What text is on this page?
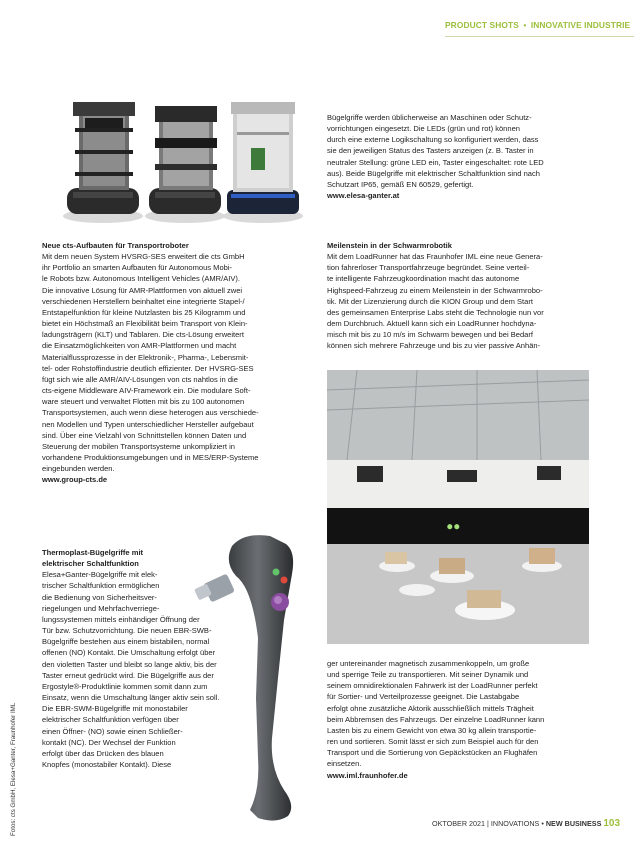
PRODUCT SHOTS • INNOVATIVE INDUSTRIE

Neue cts-Aufbauten für Transportroboter

Mit dem neuen System HVSRG-SES erweitert die cts GmbH

ihr Portfolio an smarten Aufbauten für Autonomous Mobi-

le Robots bzw. Autonomous Intelligent Vehicles (AMR/AIV).

Die innovative Lösung für AMR-Plattformen von aktuell zwei

verschiedenen Herstellern beinhaltet eine integrierte Stapel-/

Entstapelfunktion für kleine Nutzlasten bis 25 Kilogramm und

bietet ein Höchstmaß an Flexibilität beim Transport von Klein-

ladungsträgern (KLT) und Tablaren. Die cts-Lösung erweitert

die Einsatzmöglichkeiten von AMR-Plattformen und macht

Materialflussprozesse in der Elektronik-, Pharma-, Lebensmit-

tel- oder Rohstoffindustrie deutlich effizienter. Der HVSRG-SES

fügt sich wie alle AMR/AIV-Lösungen von cts nahtlos in die

cts-eigene Middleware AIV-Framework ein. Die modulare Soft-

ware steuert und verwaltet Flotten mit bis zu 100 autonomen

Transportsystemen, auch wenn diese heterogen aus verschiede-

nen Modellen und Typen unterschiedlicher Hersteller aufgebaut

sind. Über eine Vielzahl von Schnittstellen können Daten und

Steuerung der mobilen Transportsysteme unkompliziert in

vorhandene Produktionsumgebungen und in MES/ERP-Systeme

eingebunden werden.

www.group-cts.de

Thermoplast-Bügelgriffe mit

elektrischer Schaltfunktion

Elesa+Ganter-Bügelgriffe mit elek-

trischer Schaltfunktion ermöglichen

die Bedienung von Sicherheitsver-

riegelungen und Mehrfachverriege-

lungssystemen mittels einhändiger Öffnung der

Tür bzw. Schutzvorrichtung. Die neuen EBR-SWB-

Bügelgriffe bestehen aus einem bistabilen, normal

offenen (NO) Kontakt. Die Umschaltung erfolgt über

den violetten Taster und bleibt so lange aktiv, bis der

Taster erneut gedrückt wird. Die Bügelgriffe aus der

Ergostyle®-Produktlinie kommen somit dann zum

Einsatz, wenn die Umschaltung länger aktiv sein soll.

Die EBR-SWM-Bügelgriffe mit monostabiler

elektrischer Schaltfunktion verfügen über

einen Öffner- (NO) sowie einen Schließer-

kontakt (NC). Der Wechsel der Funktion

erfolgt über das Drücken des blauen

Knopfes (monostabiler Kontakt). Diese

Bügelgriffe werden üblicherweise an Maschinen oder Schutz-

vorrichtungen eingesetzt. Die LEDs (grün und rot) können

durch eine externe Logikschaltung so konfiguriert werden, dass

sie den jeweiligen Status des Tasters anzeigen (z. B. Taster in

neutraler Stellung: grüne LED ein, Taster eingeschaltet: rote LED

aus). Beide Bügelgriffe mit elektrischer Schaltfunktion sind nach

Schutzart IP65, gemäß EN 60529, gefertigt.

www.elesa-ganter.at

Meilenstein in der Schwarmrobotik

Mit dem LoadRunner hat das Fraunhofer IML eine neue Genera-

tion fahrerloser Transportfahrzeuge begründet. Seine verteil-

te intelligente Fahrzeugkoordination macht das autonome

Highspeed-Fahrzeug zu einem Meilenstein in der Schwarmrobo-

tik. Mit der Lizenzierung durch die KION Group und dem Start

des gemeinsamen Enterprise Labs steht die Technologie nun vor

dem Durchbruch. Aktuell kann sich ein LoadRunner hochdyna-

misch mit bis zu 10 m/s im Schwarm bewegen und bei Bedarf

können sich mehrere Fahrzeuge und bis zu vier passive Anhän-

⬤ ⬤

ger untereinander magnetisch zusammenkoppeln, um große

und sperrige Teile zu transportieren. Mit seiner Dynamik und

seinem omnidirektionalen Fahrwerk ist der LoadRunner perfekt

für Sortier- und Verteilprozesse geeignet. Die Lastabgabe

erfolgt ohne zusätzliche Aktorik ausschließlich mittels Trägheit

beim Abbremsen des Fahrzeugs. Der einzelne LoadRunner kann

Lasten bis zu einem Gewicht von etwa 30 kg allein transportie-

ren und sortieren. Somit lässt er sich zum Beispiel auch für den

Transport und die Sortierung von Gepäckstücken an Flughäfen

einsetzen.

www.iml.fraunhofer.de

Fotos: cts GmbH, Elesa+Ganter, Fraunhofer IML	OKTOBER 2021 | INNOVATIONS • NEW BUSINESS 103
